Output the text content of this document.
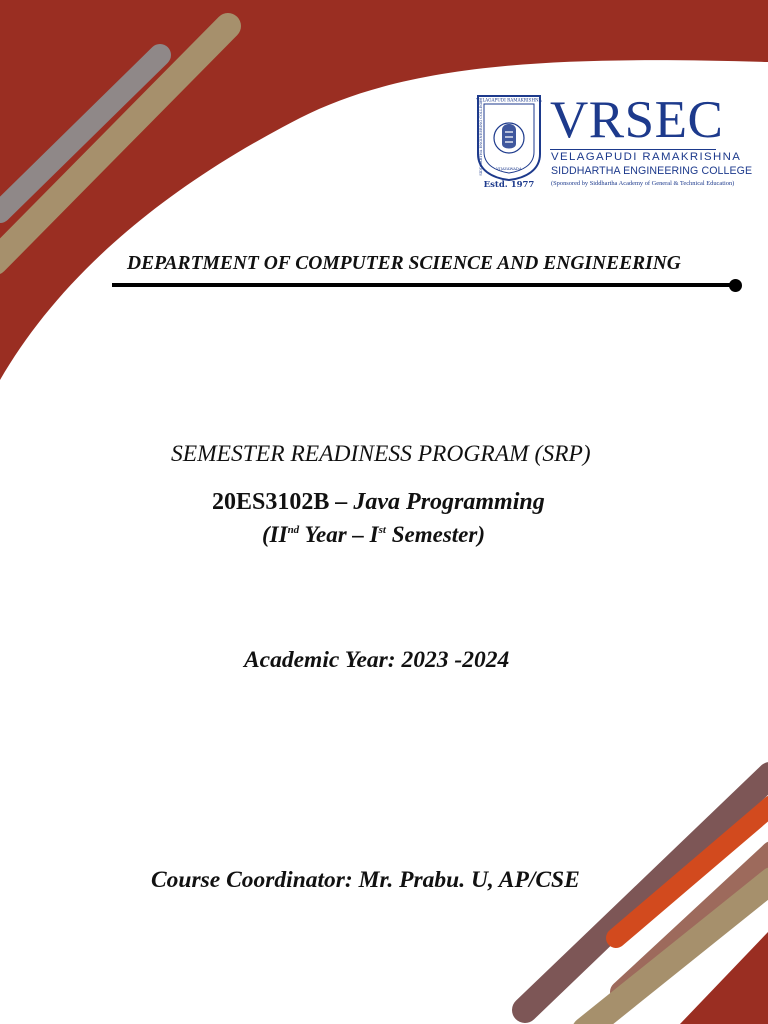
VELAGAPUDI RAMAKRISHNA
SIDDHARTHA ENGINEERING COLLEGE	VIJAYAWADA
Estd. 1977
VRSEC
VELAGAPUDI RAMAKRISHNA
SIDDHARTHA ENGINEERING COLLEGE
(Sponsored by Siddhartha Academy of General & Technical Education)
DEPARTMENT OF COMPUTER SCIENCE AND ENGINEERING
SEMESTER READINESS PROGRAM (SRP)
20ES3102B – Java Programming
(IInd Year – Ist Semester)
Academic Year: 2023 -2024
Course Coordinator: Mr. Prabu. U, AP/CSE
